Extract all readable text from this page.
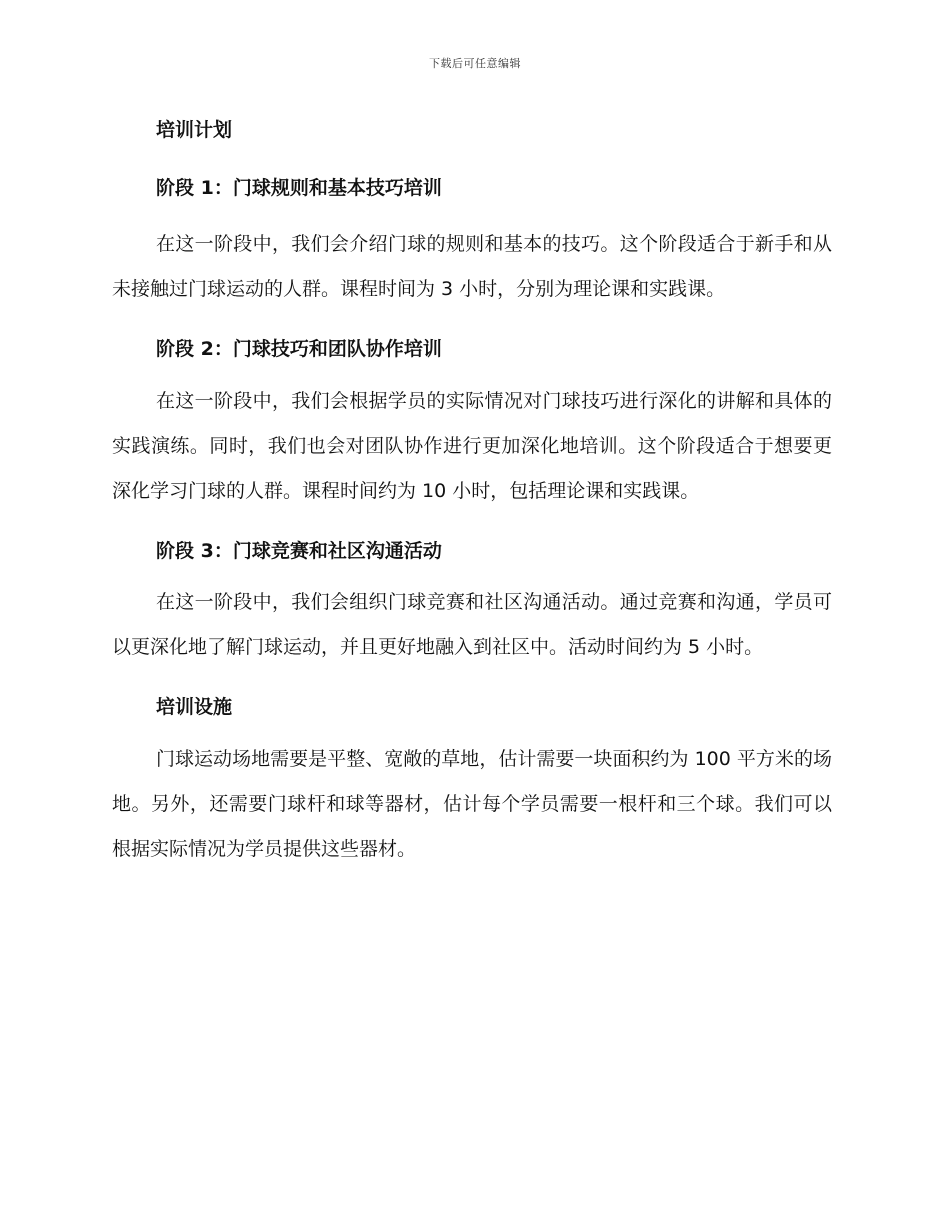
下载后可任意编辑
培训计划
阶段 1：门球规则和基本技巧培训

在这一阶段中，我们会介绍门球的规则和基本的技巧。这个阶段适合于新手和从未接触过门球运动的人群。课程时间为 3 小时，分别为理论课和实践课。

阶段 2：门球技巧和团队协作培训

在这一阶段中，我们会根据学员的实际情况对门球技巧进行深化的讲解和具体的实践演练。同时，我们也会对团队协作进行更加深化地培训。这个阶段适合于想要更深化学习门球的人群。课程时间约为 10 小时，包括理论课和实践课。

阶段 3：门球竞赛和社区沟通活动

在这一阶段中，我们会组织门球竞赛和社区沟通活动。通过竞赛和沟通，学员可以更深化地了解门球运动，并且更好地融入到社区中。活动时间约为 5 小时。

培训设施

门球运动场地需要是平整、宽敞的草地，估计需要一块面积约为 100 平方米的场地。另外，还需要门球杆和球等器材，估计每个学员需要一根杆和三个球。我们可以根据实际情况为学员提供这些器材。
